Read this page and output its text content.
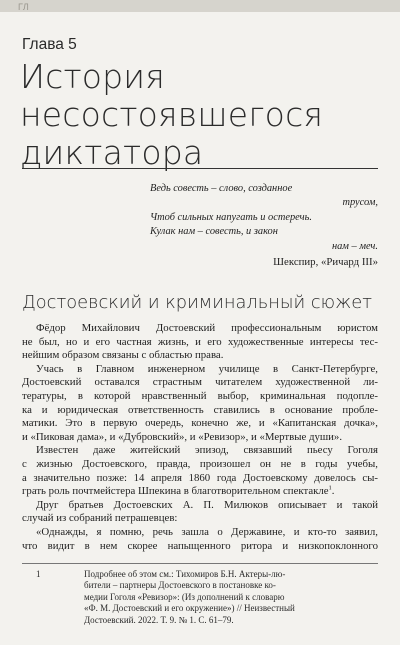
ГЛ
Глава 5
История
несостоявшегося
диктатора
Ведь совесть – слово, созданное
трусом,
Чтоб сильных напугать и остеречь.
Кулак нам – совесть, и закон
нам – меч.
Шекспир, «Ричард III»
Достоевский и криминальный сюжет
Фёдор Михайлович Достоевский профессиональным юристом
не был, но и его частная жизнь, и его художественные интересы тес-
нейшим образом связаны с областью права.
Учась в Главном инженерном училище в Санкт-Петербурге,
Достоевский оставался страстным читателем художественной ли-
тературы, в которой нравственный выбор, криминальная подопле-
ка и юридическая ответственность ставились в основание пробле-
матики. Это в первую очередь, конечно же, и «Капитанская дочка»,
и «Пиковая дама», и «Дубровский», и «Ревизор», и «Мертвые души».
Известен даже житейский эпизод, связавший пьесу Гоголя
с жизнью Достоевского, правда, произошел он не в годы учебы,
а значительно позже: 14 апреля 1860 года Достоевскому довелось сы-
грать роль почтмейстера Шпекина в благотворительном спектакле$^1$.
Друг братьев Достоевских А. П. Милюков описывает и такой
случай из собраний петрашевцев:
«Однажды, я помню, речь зашла о Державине, и кто-то заявил,
что видит в нем скорее напыщенного ритора и низкопоклонного
1	Подробнее об этом см.: Тихомиров Б.Н. Актеры-лю-
бители – партнеры Достоевского в постановке ко-
медии Гоголя «Ревизор»: (Из дополнений к словарю
«Ф. М. Достоевский и его окружение») // Неизвестный
Достоевский. 2022. Т. 9. № 1. С. 61–79.
